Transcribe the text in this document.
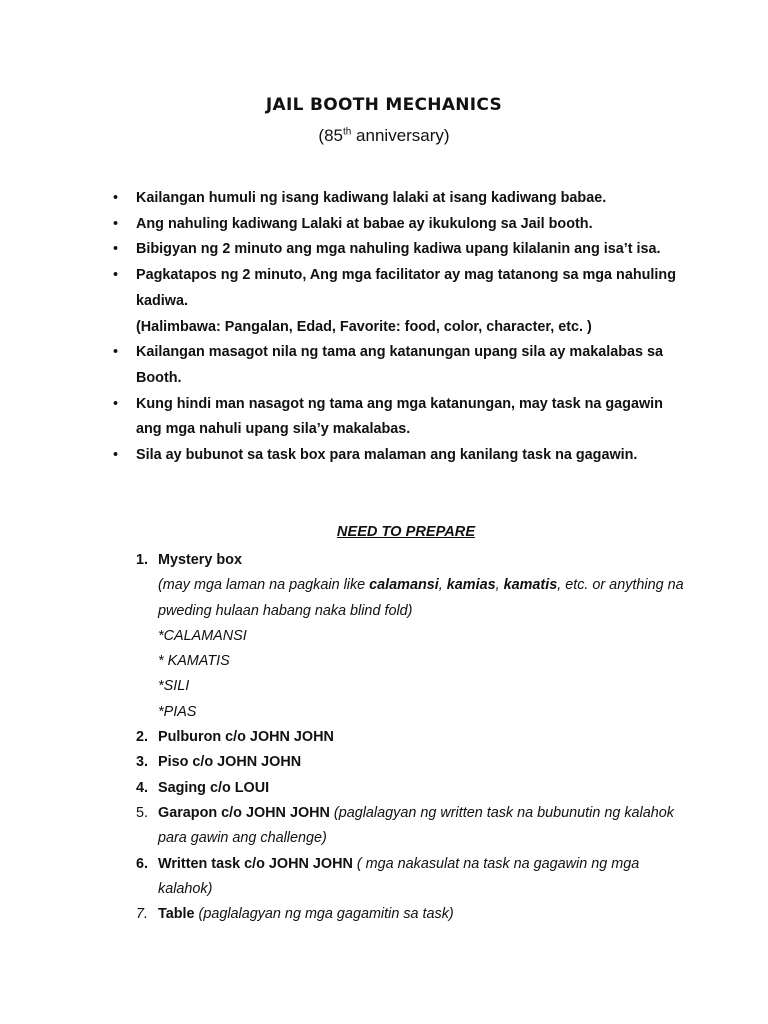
JAIL BOOTH MECHANICS
(85th anniversary)
• Kailangan humuli ng isang kadiwang lalaki at isang kadiwang babae.
• Ang nahuling kadiwang Lalaki at babae ay ikukulong sa Jail booth.
• Bibigyan ng 2 minuto ang mga nahuling kadiwa upang kilalanin ang isa’t isa.
• Pagkatapos ng 2 minuto, Ang mga facilitator ay mag tatanong sa mga nahuling kadiwa.
(Halimbawa: Pangalan, Edad, Favorite: food, color, character, etc. )
• Kailangan masagot nila ng tama ang katanungan upang sila ay makalabas sa Booth.
• Kung hindi man nasagot ng tama ang mga katanungan, may task na gagawin ang mga nahuli upang sila’y makalabas.
• Sila ay bubunot sa task box para malaman ang kanilang task na gagawin.
NEED TO PREPARE
1. Mystery box
(may mga laman na pagkain like calamansi, kamias, kamatis, etc. or anything na pweding hulaan habang naka blind fold)
*CALAMANSI
* KAMATIS
*SILI
*PIAS
2. Pulburon c/o JOHN JOHN
3. Piso c/o JOHN JOHN
4. Saging c/o LOUI
5. Garapon c/o JOHN JOHN (paglalagyan ng written task na bubunutin ng kalahok para gawin ang challenge)
6. Written task c/o JOHN JOHN ( mga nakasulat na task na gagawin ng mga kalahok)
7. Table (paglalagyan ng mga gagamitin sa task)
